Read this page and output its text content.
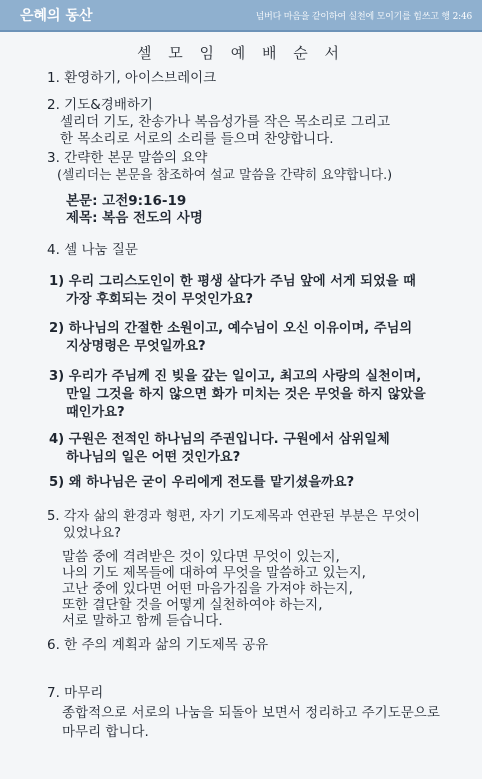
은혜의 동산	넘버다 마음을 같이하여 실천에 모이기를 힘쓰고 행 2:46
셀 모 임 예 배 순 서
1. 환영하기, 아이스브레이크
2. 기도&경배하기
셀리더 기도, 찬송가나 복음성가를 작은 목소리로 그리고
한 목소리로 서로의 소리를 들으며 찬양합니다.
3. 간략한 본문 말씀의 요약
(셀리더는 본문을 참조하여 설교 말씀을 간략히 요약합니다.)
본문: 고전9:16-19
제목: 복음 전도의 사명
4. 셀 나눔 질문
1) 우리 그리스도인이 한 평생 살다가 주님 앞에 서게 되었을 때
가장 후회되는 것이 무엇인가요?
2) 하나님의 간절한 소원이고, 예수님이 오신 이유이며, 주님의
지상명령은 무엇일까요?
3) 우리가 주님께 진 빚을 갚는 일이고, 최고의 사랑의 실천이며,
만일 그것을 하지 않으면 화가 미치는 것은 무엇을 하지 않았을
때인가요?
4) 구원은 전적인 하나님의 주권입니다. 구원에서 삼위일체
하나님의 일은 어떤 것인가요?
5) 왜 하나님은 굳이 우리에게 전도를 맡기셨을까요?
5. 각자 삶의 환경과 형편, 자기 기도제목과 연관된 부분은 무엇이
있었나요?
말씀 중에 격려받은 것이 있다면 무엇이 있는지,
나의 기도 제목들에 대하여 무엇을 말씀하고 있는지,
고난 중에 있다면 어떤 마음가짐을 가져야 하는지,
또한 결단할 것을 어떻게 실천하여야 하는지,
서로 말하고 함께 듣습니다.
6. 한 주의 계획과 삶의 기도제목 공유
7. 마무리
종합적으로 서로의 나눔을 되돌아 보면서 정리하고 주기도문으로
마무리 합니다.
